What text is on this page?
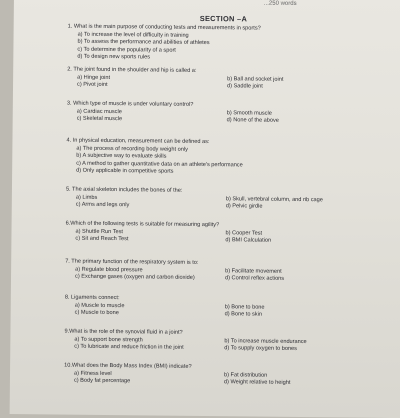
...250 words
SECTION –A
1. What is the main purpose of conducting tests and measurements in sports?
a) To increase the level of difficulty in training
b) To assess the performance and abilities of athletes
c) To determine the popularity of a sport
d) To design new sports rules
2. The joint found in the shoulder and hip is called a:
a) Hinge joint	b) Ball and socket joint
c) Pivot joint	d) Saddle joint
3. Which type of muscle is under voluntary control?
a) Cardiac muscle	b) Smooth muscle
c) Skeletal muscle	d) None of the above
4. In physical education, measurement can be defined as:
a) The process of recording body weight only
b) A subjective way to evaluate skills
c) A method to gather quantitative data on an athlete's performance
d) Only applicable in competitive sports
5. The axial skeleton includes the bones of the:
a) Limbs	b) Skull, vertebral column, and rib cage
c) Arms and legs only	d) Pelvic girdle
6.Which of the following tests is suitable for measuring agility?
a) Shuttle Run Test	b) Cooper Test
c) Sit and Reach Test	d) BMI Calculation
7. The primary function of the respiratory system is to:
a) Regulate blood pressure	b) Facilitate movement
c) Exchange gases (oxygen and carbon dioxide)	d) Control reflex actions
8. Ligaments connect:
a) Muscle to muscle	b) Bone to bone
c) Muscle to bone	d) Bone to skin
9.What is the role of the synovial fluid in a joint?
a) To support bone strength	b) To increase muscle endurance
c) To lubricate and reduce friction in the joint	d) To supply oxygen to bones
10.What does the Body Mass Index (BMI) indicate?
a) Fitness level	b) Fat distribution
c) Body fat percentage	d) Weight relative to height
